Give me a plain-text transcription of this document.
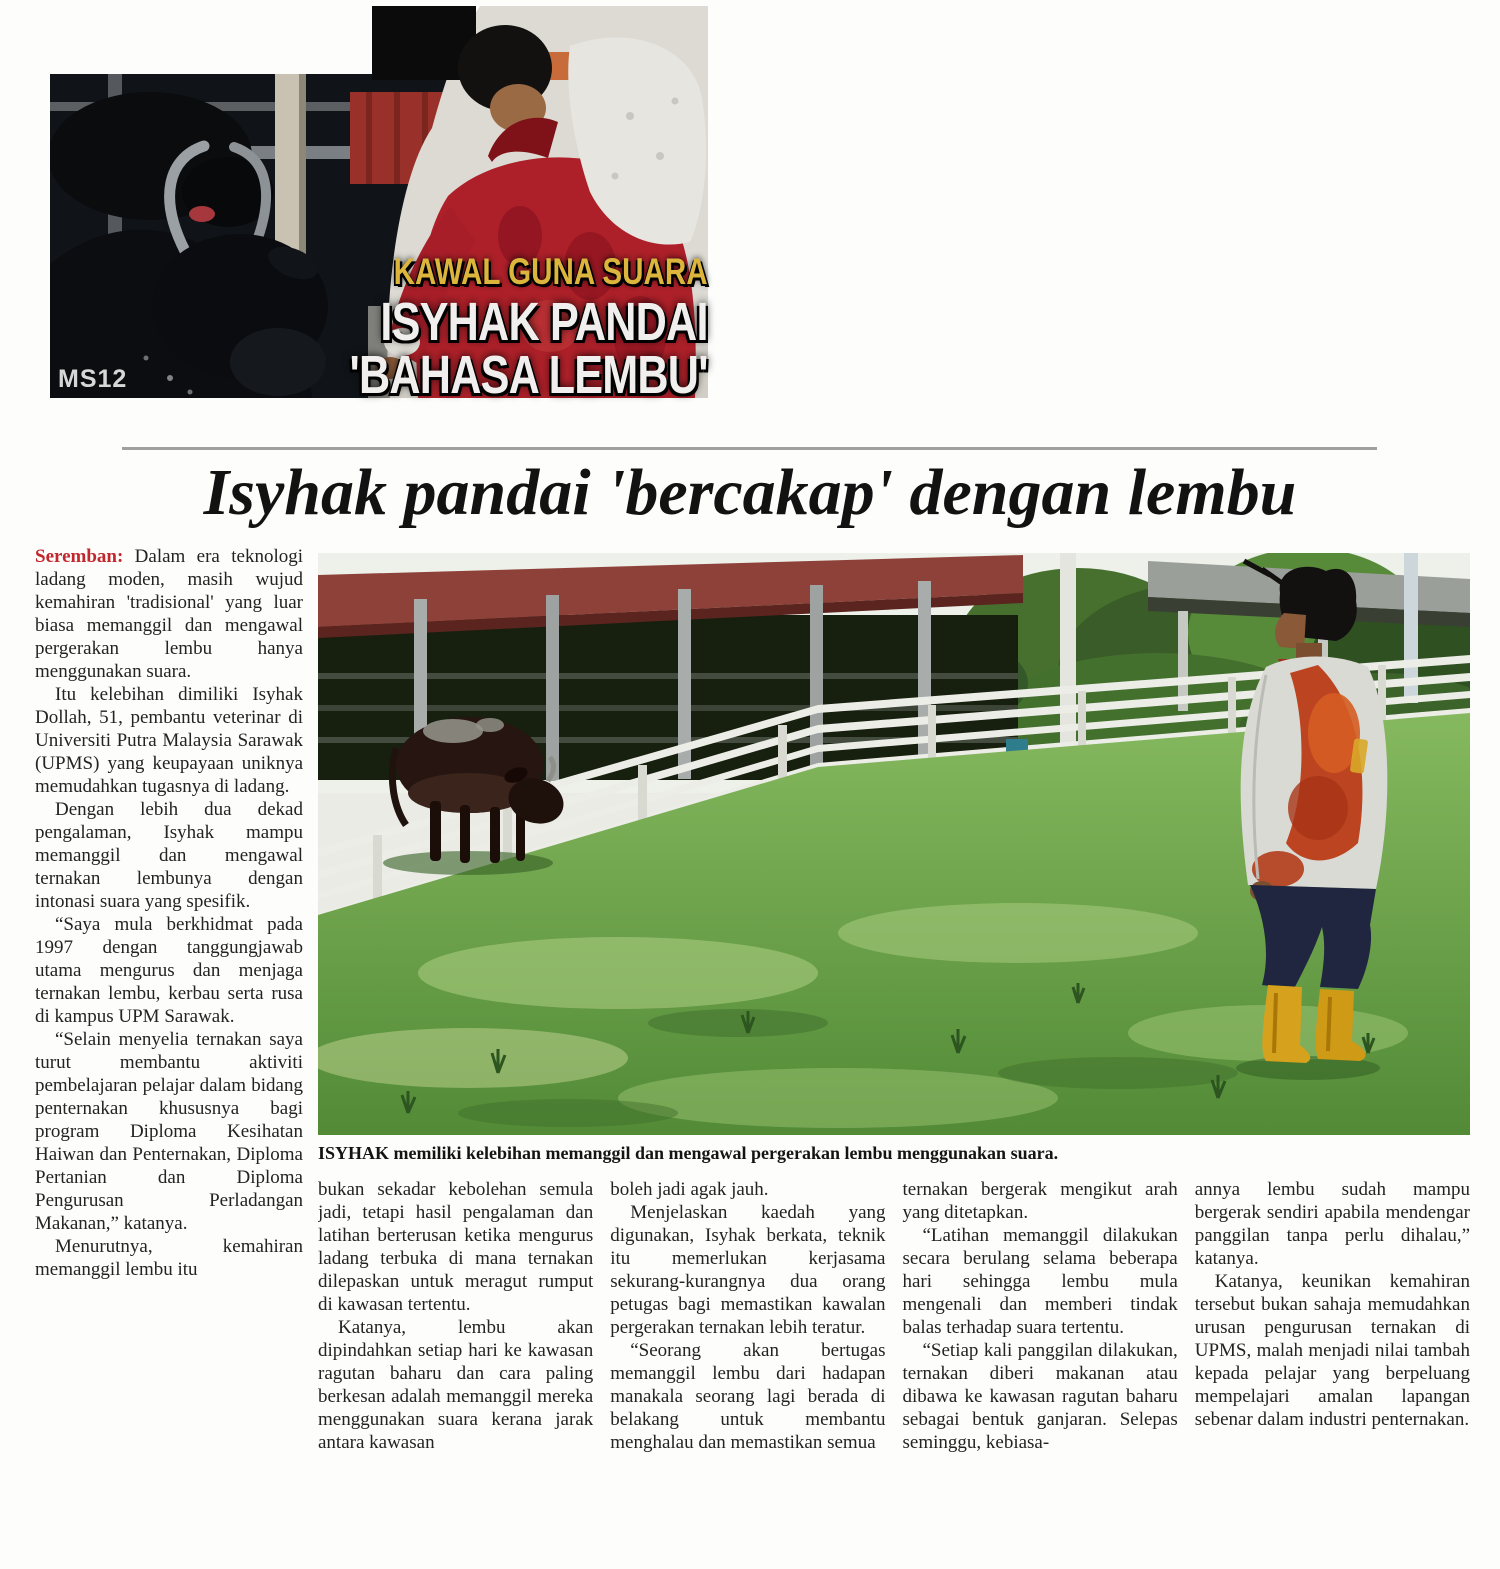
MS12
KAWAL GUNA SUARA
ISYHAK PANDAI
'BAHASA LEMBU'
Isyhak pandai 'bercakap' dengan lembu

Seremban: Dalam era teknologi ladang moden, masih wujud kemahiran 'tradisional' yang luar biasa memanggil dan mengawal pergerakan lembu hanya menggunakan suara.

Itu kelebihan dimiliki Isyhak Dollah, 51, pembantu veterinar di Universiti Putra Malaysia Sarawak (UPMS) yang keupayaan uniknya memudahkan tugasnya di ladang.

Dengan lebih dua dekad pengalaman, Isyhak mampu memanggil dan mengawal ternakan lembunya dengan intonasi suara yang spesifik.

“Saya mula berkhidmat pada 1997 dengan tanggungjawab utama mengurus dan menjaga ternakan lembu, kerbau serta rusa di kampus UPM Sarawak.

“Selain menyelia ternakan saya turut membantu aktiviti pembelajaran pelajar dalam bidang penternakan khususnya bagi program Diploma Kesihatan Haiwan dan Penternakan, Diploma Pertanian dan Diploma Pengurusan Perladangan Makanan,” katanya.

Menurutnya, kemahiran memanggil lembu itu

ISYHAK memiliki kelebihan memanggil dan mengawal pergerakan lembu menggunakan suara.

bukan sekadar kebolehan semula jadi, tetapi hasil pengalaman dan latihan berterusan ketika mengurus ladang terbuka di mana ternakan dilepaskan untuk meragut rumput di kawasan tertentu.

Katanya, lembu akan dipindahkan setiap hari ke kawasan ragutan baharu dan cara paling berkesan adalah memanggil mereka menggunakan suara kerana jarak antara kawasan

boleh jadi agak jauh.

Menjelaskan kaedah yang digunakan, Isyhak berkata, teknik itu memerlukan kerjasama sekurang-kurangnya dua orang petugas bagi memastikan kawalan pergerakan ternakan lebih teratur.

“Seorang akan bertugas memanggil lembu dari hadapan manakala seorang lagi berada di belakang untuk membantu menghalau dan memastikan semua

ternakan bergerak mengikut arah yang ditetapkan.

“Latihan memanggil dilakukan secara berulang selama beberapa hari sehingga lembu mula mengenali dan memberi tindak balas terhadap suara tertentu.

“Setiap kali panggilan dilakukan, ternakan diberi makanan atau dibawa ke kawasan ragutan baharu sebagai bentuk ganjaran. Selepas seminggu, kebiasa-

annya lembu sudah mampu bergerak sendiri apabila mendengar panggilan tanpa perlu dihalau,” katanya.

Katanya, keunikan kemahiran tersebut bukan sahaja memudahkan urusan pengurusan ternakan di UPMS, malah menjadi nilai tambah kepada pelajar yang berpeluang mempelajari amalan lapangan sebenar dalam industri penternakan.
